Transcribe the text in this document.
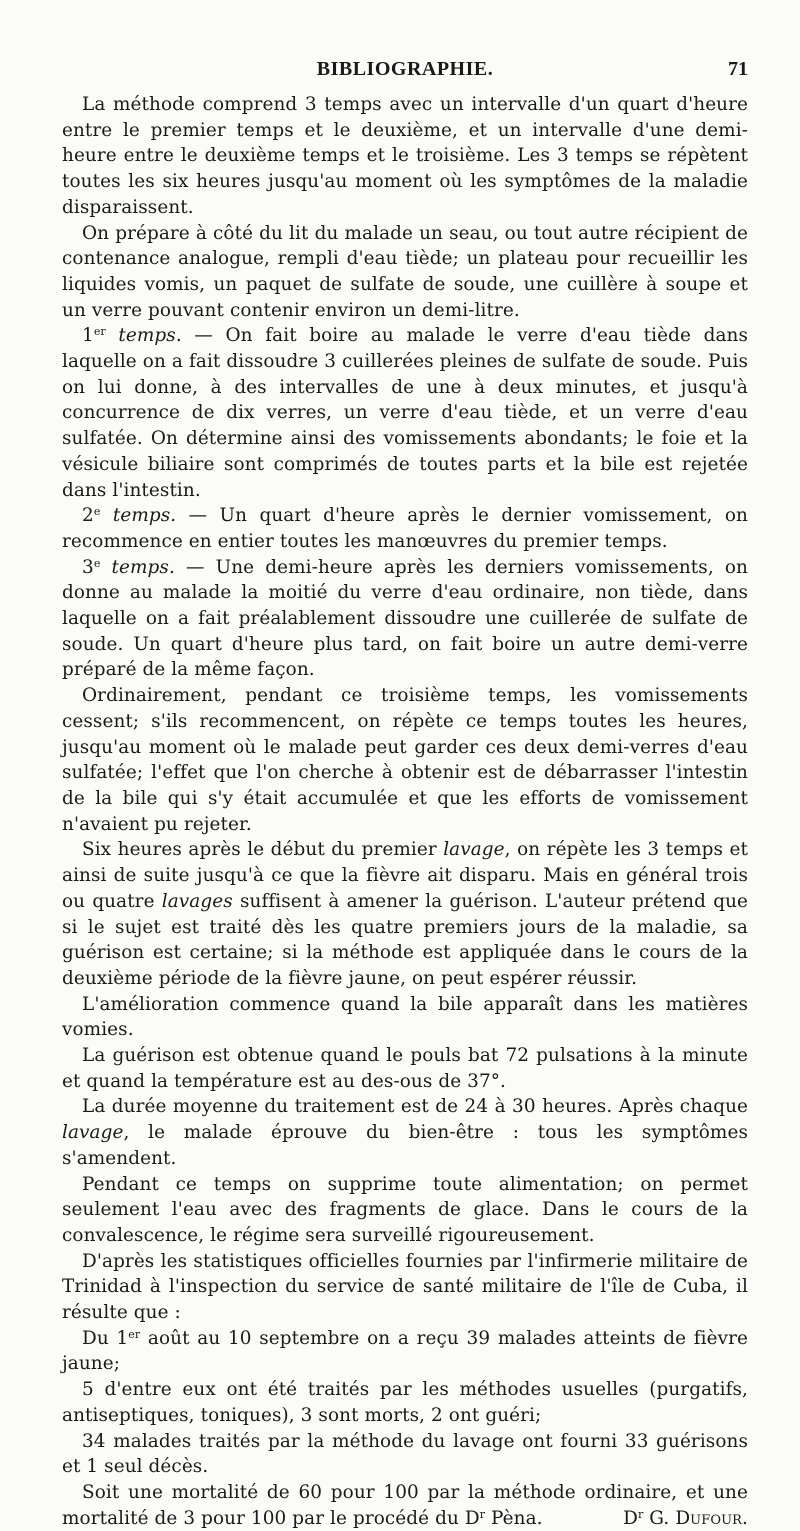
BIBLIOGRAPHIE.	71

La méthode comprend 3 temps avec un intervalle d'un quart d'heure entre le premier temps et le deuxième, et un intervalle d'une demi-heure entre le deuxième temps et le troisième. Les 3 temps se répètent toutes les six heures jusqu'au moment où les symptômes de la maladie disparaissent.

On prépare à côté du lit du malade un seau, ou tout autre récipient de contenance analogue, rempli d'eau tiède; un plateau pour recueillir les liquides vomis, un paquet de sulfate de soude, une cuillère à soupe et un verre pouvant contenir environ un demi-litre.

1er temps. — On fait boire au malade le verre d'eau tiède dans laquelle on a fait dissoudre 3 cuillerées pleines de sulfate de soude. Puis on lui donne, à des intervalles de une à deux minutes, et jusqu'à concurrence de dix verres, un verre d'eau tiède, et un verre d'eau sulfatée. On détermine ainsi des vomissements abondants; le foie et la vésicule biliaire sont comprimés de toutes parts et la bile est rejetée dans l'intestin.

2e temps. — Un quart d'heure après le dernier vomissement, on recommence en entier toutes les manœuvres du premier temps.

3e temps. — Une demi-heure après les derniers vomissements, on donne au malade la moitié du verre d'eau ordinaire, non tiède, dans laquelle on a fait préalablement dissoudre une cuillerée de sulfate de soude. Un quart d'heure plus tard, on fait boire un autre demi-verre préparé de la même façon.

Ordinairement, pendant ce troisième temps, les vomissements cessent; s'ils recommencent, on répète ce temps toutes les heures, jusqu'au moment où le malade peut garder ces deux demi-verres d'eau sulfatée; l'effet que l'on cherche à obtenir est de débarrasser l'intestin de la bile qui s'y était accumulée et que les efforts de vomissement n'avaient pu rejeter.

Six heures après le début du premier lavage, on répète les 3 temps et ainsi de suite jusqu'à ce que la fièvre ait disparu. Mais en général trois ou quatre lavages suffisent à amener la guérison. L'auteur prétend que si le sujet est traité dès les quatre premiers jours de la maladie, sa guérison est certaine; si la méthode est appliquée dans le cours de la deuxième période de la fièvre jaune, on peut espérer réussir.

L'amélioration commence quand la bile apparaît dans les matières vomies.

La guérison est obtenue quand le pouls bat 72 pulsations à la minute et quand la température est au des-ous de 37°.

La durée moyenne du traitement est de 24 à 30 heures. Après chaque lavage, le malade éprouve du bien-être : tous les symptômes s'amendent.

Pendant ce temps on supprime toute alimentation; on permet seulement l'eau avec des fragments de glace. Dans le cours de la convalescence, le régime sera surveillé rigoureusement.

D'après les statistiques officielles fournies par l'infirmerie militaire de Trinidad à l'inspection du service de santé militaire de l'île de Cuba, il résulte que :

Du 1er août au 10 septembre on a reçu 39 malades atteints de fièvre jaune;

5 d'entre eux ont été traités par les méthodes usuelles (purgatifs, antiseptiques, toniques), 3 sont morts, 2 ont guéri;

34 malades traités par la méthode du lavage ont fourni 33 guérisons et 1 seul décès.

Soit une mortalité de 60 pour 100 par la méthode ordinaire, et une mortalité de 3 pour 100 par le procédé du $D^r$ Pèna.	$D^r$ G. Dufour.
